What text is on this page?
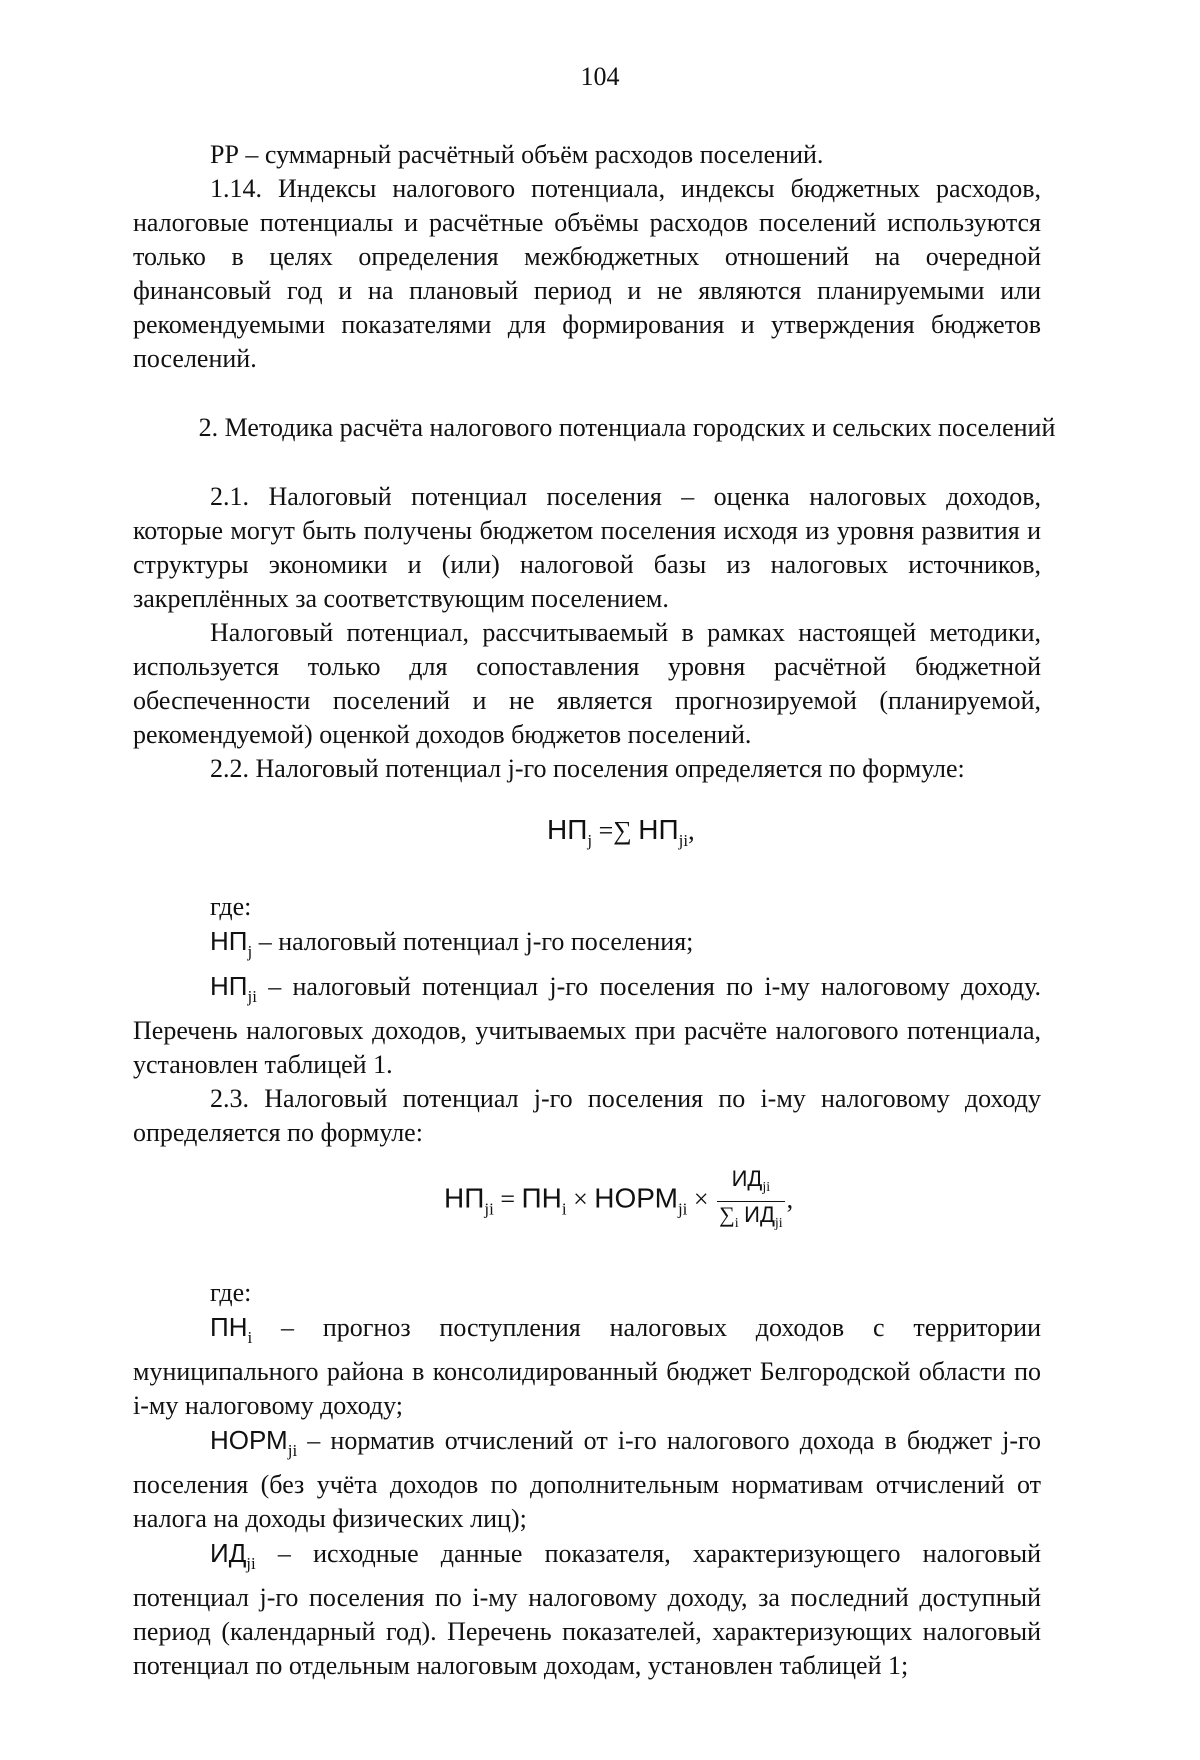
104

РР – суммарный расчётный объём расходов поселений.

1.14. Индексы налогового потенциала, индексы бюджетных расходов, налоговые потенциалы и расчётные объёмы расходов поселений используются только в целях определения межбюджетных отношений на очередной финансовый год и на плановый период и не являются планируемыми или рекомендуемыми показателями для формирования и утверждения бюджетов поселений.

2. Методика расчёта налогового потенциала городских и сельских поселений

2.1. Налоговый потенциал поселения – оценка налоговых доходов, которые могут быть получены бюджетом поселения исходя из уровня развития и структуры экономики и (или) налоговой базы из налоговых источников, закреплённых за соответствующим поселением.

Налоговый потенциал, рассчитываемый в рамках настоящей методики, используется только для сопоставления уровня расчётной бюджетной обеспеченности поселений и не является прогнозируемой (планируемой, рекомендуемой) оценкой доходов бюджетов поселений.

2.2. Налоговый потенциал j-го поселения определяется по формуле:

$НП_j$ =∑ $НП_{ji}$,

где:

$НП_j$ – налоговый потенциал j-го поселения;

$НП_{ji}$ – налоговый потенциал j-го поселения по i-му налоговому доходу. Перечень налоговых доходов, учитываемых при расчёте налогового потенциала, установлен таблицей 1.

2.3. Налоговый потенциал j-го поселения по i-му налоговому доходу определяется по формуле:

$НП_{ji} = ПН_i$ × $НОРМ_{ji} \times \frac{ИД_{ji}}{\sum_i ИД_{ji}}$ ,

где:

$ПН_i$ – прогноз поступления налоговых доходов с территории муниципального района в консолидированный бюджет Белгородской области по i-му налоговому доходу;

$НОРМ_{ji}$ – норматив отчислений от i-го налогового дохода в бюджет j-го поселения (без учёта доходов по дополнительным нормативам отчислений от налога на доходы физических лиц);

$ИД_{ji}$ – исходные данные показателя, характеризующего налоговый потенциал j-го поселения по i-му налоговому доходу, за последний доступный период (календарный год). Перечень показателей, характеризующих налоговый потенциал по отдельным налоговым доходам, установлен таблицей 1;
